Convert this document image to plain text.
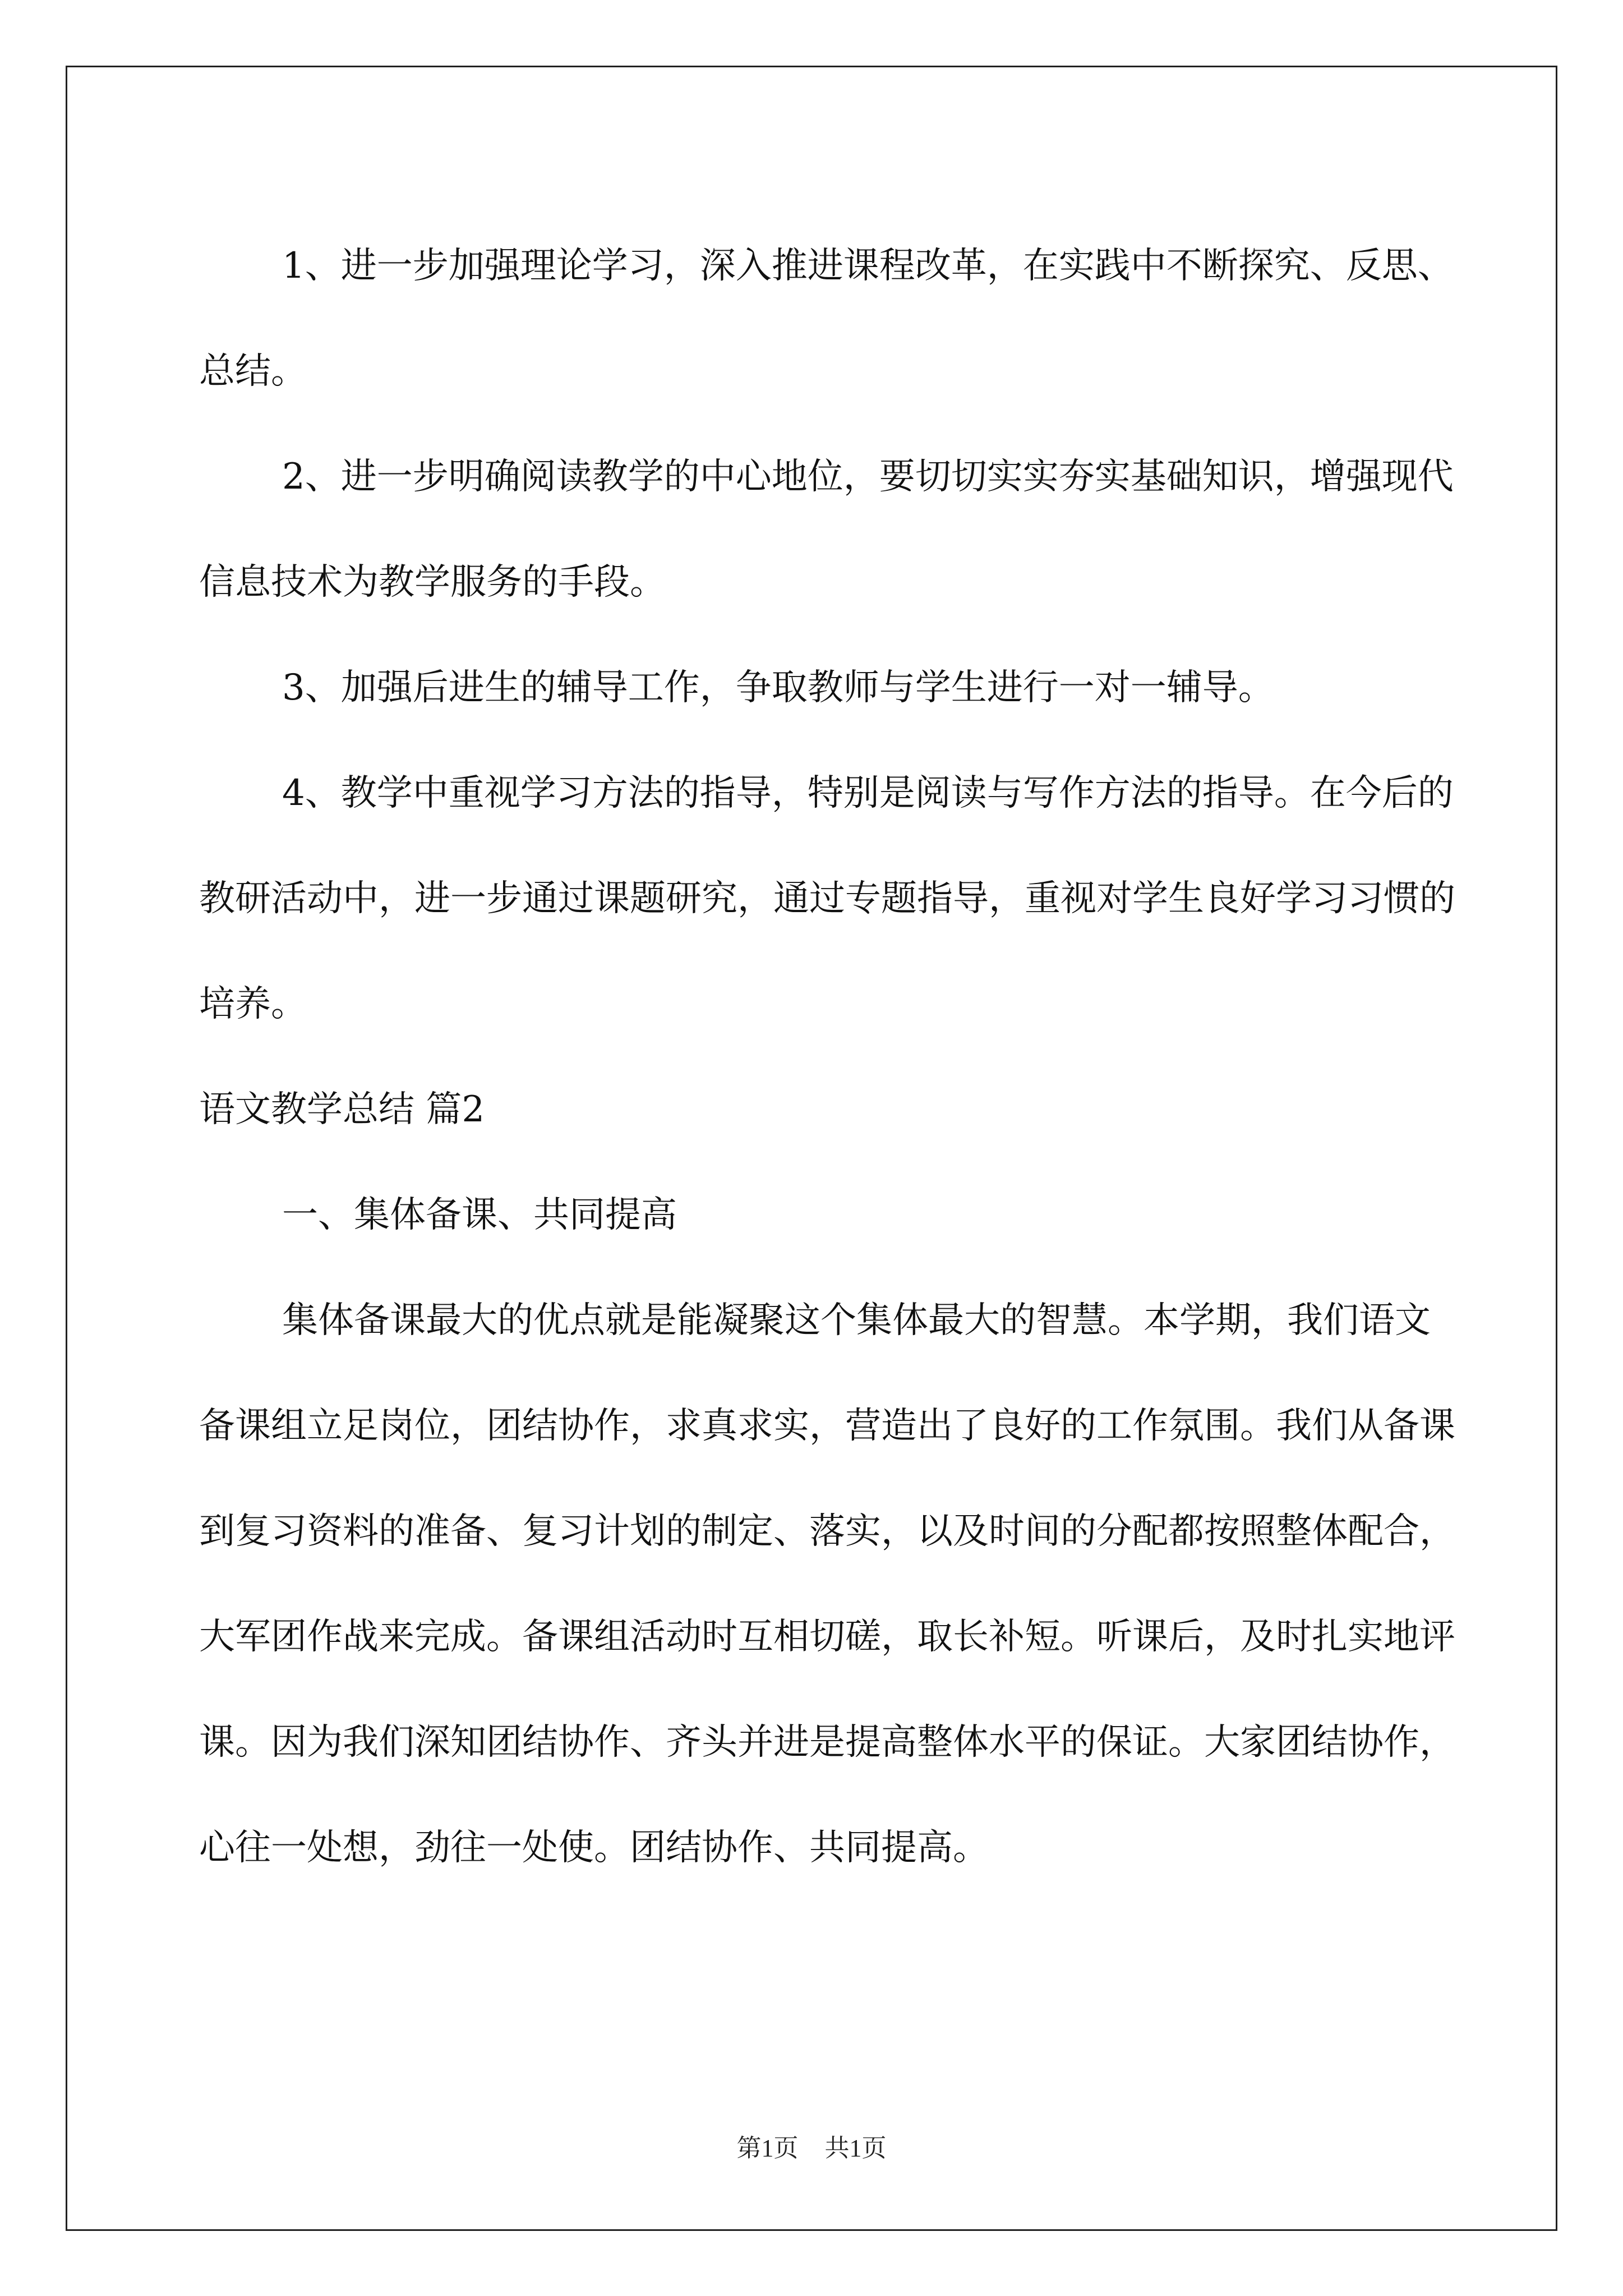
1、进一步加强理论学习，深入推进课程改革，在实践中不断探究、反思、总结。

2、进一步明确阅读教学的中心地位，要切切实实夯实基础知识，增强现代信息技术为教学服务的手段。

3、加强后进生的辅导工作，争取教师与学生进行一对一辅导。

4、教学中重视学习方法的指导，特别是阅读与写作方法的指导。在今后的教研活动中，进一步通过课题研究，通过专题指导，重视对学生良好学习习惯的培养。

语文教学总结 篇2

一、集体备课、共同提高

集体备课最大的优点就是能凝聚这个集体最大的智慧。本学期，我们语文备课组立足岗位，团结协作，求真求实，营造出了良好的工作氛围。我们从备课到复习资料的准备、复习计划的制定、落实，以及时间的分配都按照整体配合，大军团作战来完成。备课组活动时互相切磋，取长补短。听课后，及时扎实地评课。因为我们深知团结协作、齐头并进是提高整体水平的保证。大家团结协作，心往一处想，劲往一处使。团结协作、共同提高。

第1页 共1页
